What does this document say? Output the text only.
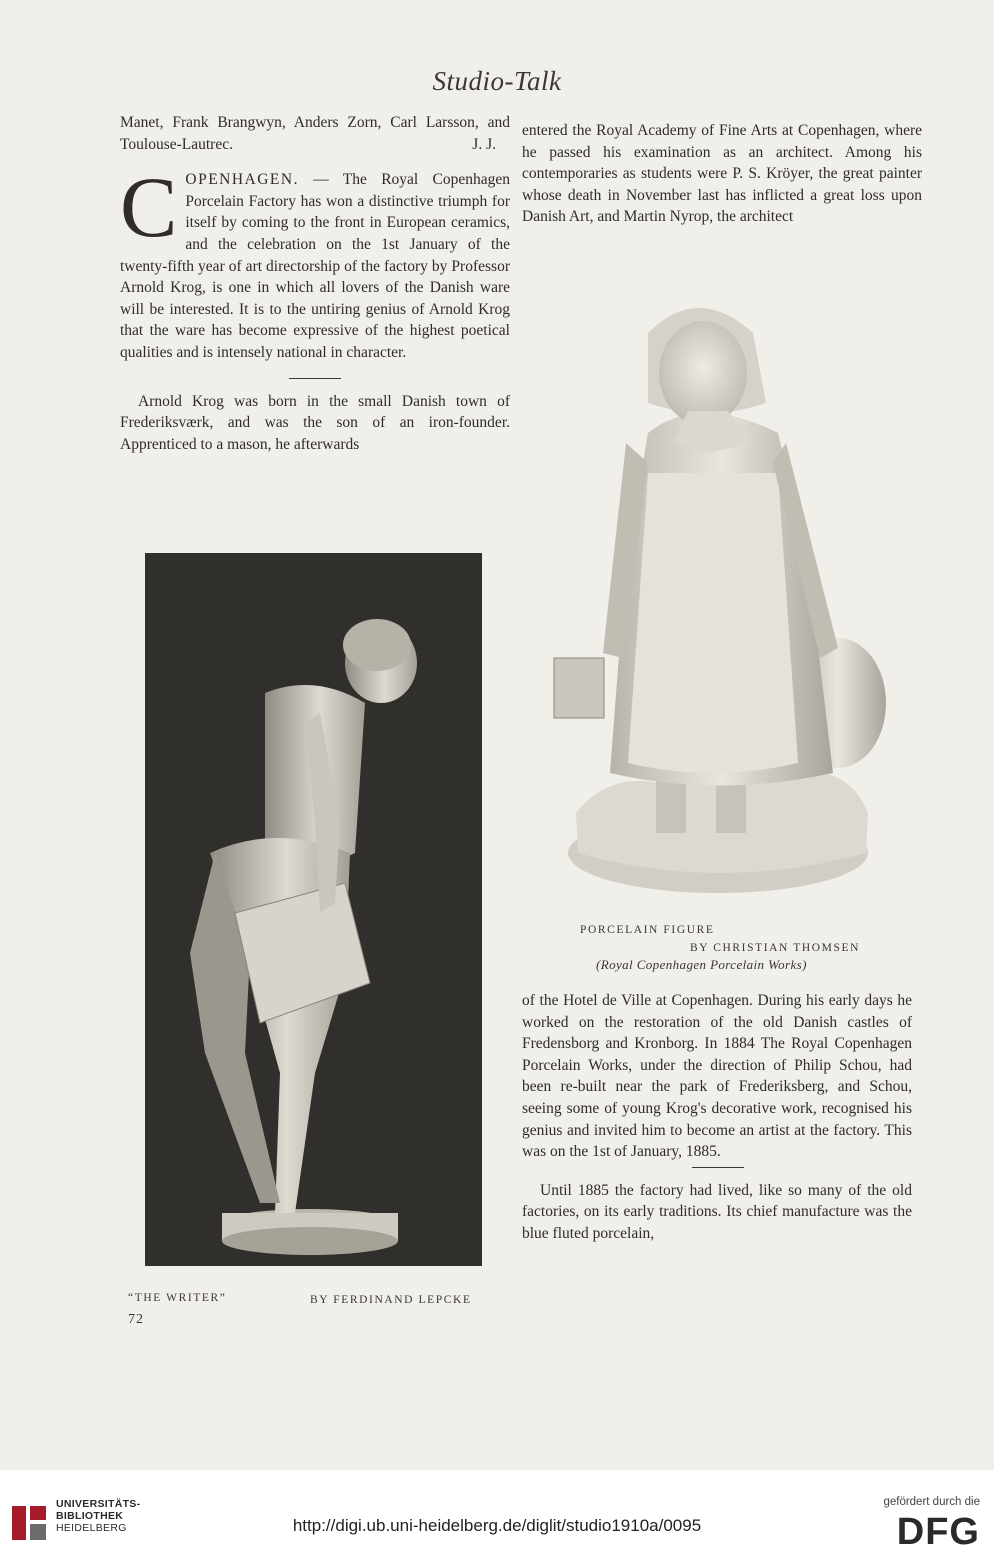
Studio-Talk

Manet, Frank Brangwyn, Anders Zorn, Carl Larsson, and Toulouse-Lautrec.	J. J.

COPENHAGEN. — The Royal Copenhagen Porcelain Factory has won a distinctive triumph for itself by coming to the front in European ceramics, and the celebration on the 1st January of the twenty-fifth year of art directorship of the factory by Professor Arnold Krog, is one in which all lovers of the Danish ware will be interested. It is to the untiring genius of Arnold Krog that the ware has become expressive of the highest poetical qualities and is intensely national in character.

Arnold Krog was born in the small Danish town of Frederiksværk, and was the son of an iron-founder. Apprenticed to a mason, he afterwards

entered the Royal Academy of Fine Arts at Copenhagen, where he passed his examination as an architect. Among his contemporaries as students were P. S. Kröyer, the great painter whose death in November last has inflicted a great loss upon Danish Art, and Martin Nyrop, the architect

PORCELAIN FIGURE
BY CHRISTIAN THOMSEN
(Royal Copenhagen Porcelain Works)

of the Hotel de Ville at Copenhagen. During his early days he worked on the restoration of the old Danish castles of Fredensborg and Kronborg. In 1884 The Royal Copenhagen Porcelain Works, under the direction of Philip Schou, had been re-built near the park of Frederiksberg, and Schou, seeing some of young Krog's decorative work, recognised his genius and invited him to become an artist at the factory. This was on the 1st of January, 1885.

Until 1885 the factory had lived, like so many of the old factories, on its early traditions. Its chief manufacture was the blue fluted porcelain,

“THE WRITER”	BY FERDINAND LEPCKE
72
UNIVERSITÄTS-
BIBLIOTHEK
HEIDELBERG	http://digi.ub.uni-heidelberg.de/diglit/studio1910a/0095
gefördert durch die
DFG
